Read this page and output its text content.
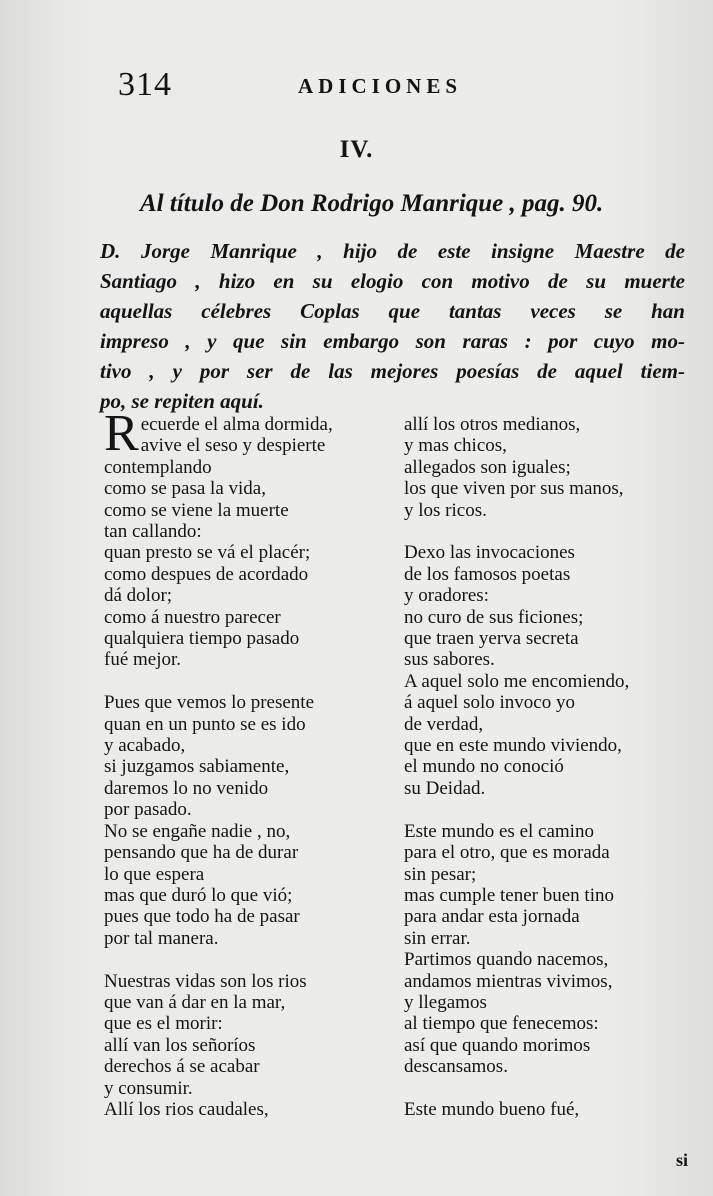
314	ADICIONES
IV.
Al título de Don Rodrigo Manrique , pag. 90.
D. Jorge Manrique , hijo de este insigne Maestre de
Santiago , hizo en su elogio con motivo de su muerte
aquellas célebres Coplas que tantas veces se han
impreso , y que sin embargo son raras : por cuyo mo-
tivo , y por ser de las mejores poesías de aquel tiem-
po, se repiten aquí.
R ecuerde el alma dormida,
avive el seso y despierte
contemplando
como se pasa la vida,
como se viene la muerte
tan callando:
quan presto se vá el placér;
como despues de acordado
dá dolor;
como á nuestro parecer
qualquiera tiempo pasado
fué mejor.
Pues que vemos lo presente
quan en un punto se es ido
y acabado,
si juzgamos sabiamente,
daremos lo no venido
por pasado.
No se engañe nadie , no,
pensando que ha de durar
lo que espera
mas que duró lo que vió;
pues que todo ha de pasar
por tal manera.
Nuestras vidas son los rios
que van á dar en la mar,
que es el morir:
allí van los señoríos
derechos á se acabar
y consumir.
Allí los rios caudales,
allí los otros medianos,
y mas chicos,
allegados son iguales;
los que viven por sus manos,
y los ricos.
Dexo las invocaciones
de los famosos poetas
y oradores:
no curo de sus ficiones;
que traen yerva secreta
sus sabores.
A aquel solo me encomiendo,
á aquel solo invoco yo
de verdad,
que en este mundo viviendo,
el mundo no conoció
su Deidad.
Este mundo es el camino
para el otro, que es morada
sin pesar;
mas cumple tener buen tino
para andar esta jornada
sin errar.
Partimos quando nacemos,
andamos mientras vivimos,
y llegamos
al tiempo que fenecemos:
así que quando morimos
descansamos.
Este mundo bueno fué,
si
